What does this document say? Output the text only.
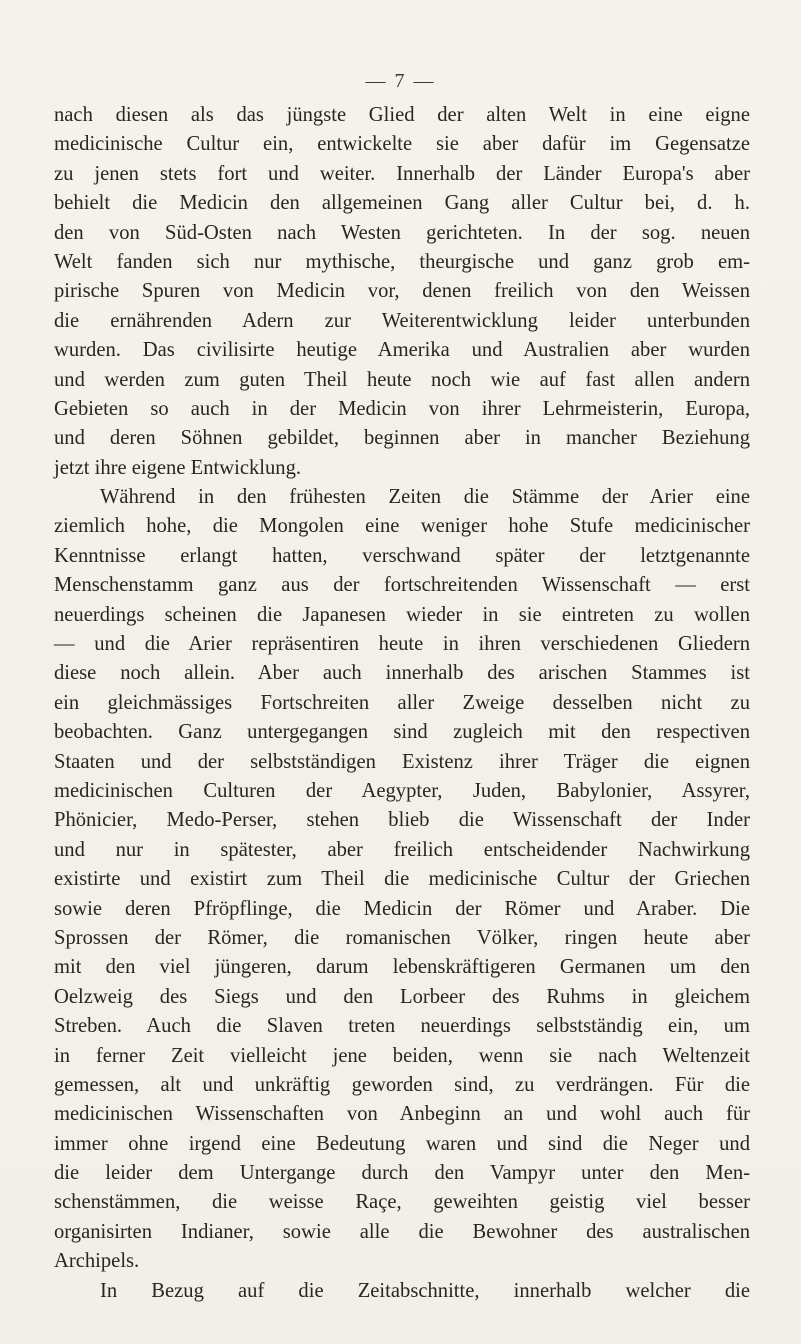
— 7 —
nach diesen als das jüngste Glied der alten Welt in eine eigne
medicinische Cultur ein, entwickelte sie aber dafür im Gegensatze
zu jenen stets fort und weiter. Innerhalb der Länder Europa's aber
behielt die Medicin den allgemeinen Gang aller Cultur bei, d. h.
den von Süd-Osten nach Westen gerichteten. In der sog. neuen
Welt fanden sich nur mythische, theurgische und ganz grob em-
pirische Spuren von Medicin vor, denen freilich von den Weissen
die ernährenden Adern zur Weiterentwicklung leider unterbunden
wurden. Das civilisirte heutige Amerika und Australien aber wurden
und werden zum guten Theil heute noch wie auf fast allen andern
Gebieten so auch in der Medicin von ihrer Lehrmeisterin, Europa,
und deren Söhnen gebildet, beginnen aber in mancher Beziehung
jetzt ihre eigene Entwicklung.
Während in den frühesten Zeiten die Stämme der Arier eine
ziemlich hohe, die Mongolen eine weniger hohe Stufe medicinischer
Kenntnisse erlangt hatten, verschwand später der letztgenannte
Menschenstamm ganz aus der fortschreitenden Wissenschaft — erst
neuerdings scheinen die Japanesen wieder in sie eintreten zu wollen
— und die Arier repräsentiren heute in ihren verschiedenen Gliedern
diese noch allein. Aber auch innerhalb des arischen Stammes ist
ein gleichmässiges Fortschreiten aller Zweige desselben nicht zu
beobachten. Ganz untergegangen sind zugleich mit den respectiven
Staaten und der selbstständigen Existenz ihrer Träger die eignen
medicinischen Culturen der Aegypter, Juden, Babylonier, Assyrer,
Phönicier, Medo-Perser, stehen blieb die Wissenschaft der Inder
und nur in spätester, aber freilich entscheidender Nachwirkung
existirte und existirt zum Theil die medicinische Cultur der Griechen
sowie deren Pfröpflinge, die Medicin der Römer und Araber. Die
Sprossen der Römer, die romanischen Völker, ringen heute aber
mit den viel jüngeren, darum lebenskräftigeren Germanen um den
Oelzweig des Siegs und den Lorbeer des Ruhms in gleichem
Streben. Auch die Slaven treten neuerdings selbstständig ein, um
in ferner Zeit vielleicht jene beiden, wenn sie nach Weltenzeit
gemessen, alt und unkräftig geworden sind, zu verdrängen. Für die
medicinischen Wissenschaften von Anbeginn an und wohl auch für
immer ohne irgend eine Bedeutung waren und sind die Neger und
die leider dem Untergange durch den Vampyr unter den Men-
schenstämmen, die weisse Raçe, geweihten geistig viel besser
organisirten Indianer, sowie alle die Bewohner des australischen
Archipels.
In Bezug auf die Zeitabschnitte, innerhalb welcher die
